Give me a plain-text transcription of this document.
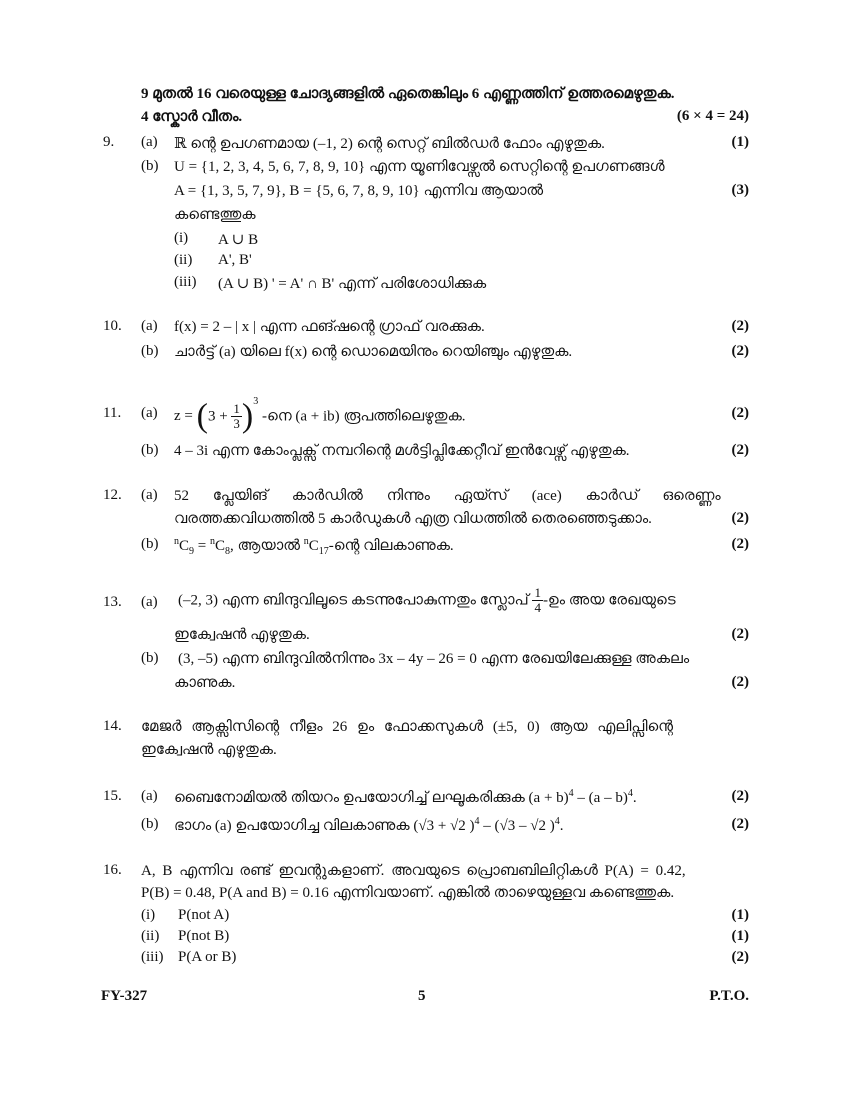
9 മുതൽ 16 വരെയുള്ള ചോദ്യങ്ങളിൽ ഏതെങ്കിലും 6 എണ്ണത്തിന് ഉത്തരമെഴുതുക.
4 സ്കോർ വീതം.	(6 × 4 = 24)
9. (a) ℝ ന്റെ ഉപഗണമായ (–1, 2) ന്റെ സെറ്റ് ബിൽഡർ ഫോം എഴുതുക.	(1)
(b) U = {1, 2, 3, 4, 5, 6, 7, 8, 9, 10} എന്ന യൂണിവേഴ്സൽ സെറ്റിന്റെ ഉപഗണങ്ങൾ
A = {1, 3, 5, 7, 9}, B = {5, 6, 7, 8, 9, 10} എന്നിവ ആയാൽ	(3)
കണ്ടെത്തുക
(i) A ∪ B
(ii) A', B'
(iii) (A ∪ B) ' = A' ∩ B' എന്ന് പരിശോധിക്കുക
10. (a) f(x) = 2 – | x | എന്ന ഫങ്ഷന്റെ ഗ്രാഫ് വരക്കുക.	(2)
(b) ചാർട്ട് (a) യിലെ f(x) ന്റെ ഡൊമെയിനും റെയിഞ്ചും എഴുതുക.	(2)
11. (a) $z = (3 + \frac{1}{3} )^3$ -നെ (a + ib) രൂപത്തിലെഴുതുക.	(2)
(b) 4 – 3i എന്ന കോംപ്ലക്സ് നമ്പറിന്റെ മൾട്ടിപ്ലിക്കേറ്റീവ് ഇൻവേഴ്സ് എഴുതുക.	(2)
12. (a) 52 പ്ലേയിങ് കാർഡിൽ നിന്നും ഏയ്സ് (ace) കാർഡ് ഒരെണ്ണം
വരത്തക്കവിധത്തിൽ 5 കാർഡുകൾ എത്ര വിധത്തിൽ തെരഞ്ഞെടുക്കാം.	(2)
(b) $^nC_9 = ^nC_8$, ആയാൽ $^nC_{17}-ന്റെ$ വിലകാണുക.	(2)
13. (a) (–2, 3) എന്ന ബിന്ദുവിലൂടെ കടന്നുപോകുന്നതും സ്ലോപ് $\frac{1}{4}$ -ഉം അയ രേഖയുടെ
ഇക്വേഷൻ എഴുതുക.	(2)
(b) (3, –5) എന്ന ബിന്ദുവിൽനിന്നും 3x – 4y – 26 = 0 എന്ന രേഖയിലേക്കുള്ള അകലം
കാണുക.	(2)
14. മേജർ ആക്സിസിന്റെ നീളം 26 ഉം ഫോക്കസുകൾ (±5, 0) ആയ എലിപ്സിന്റെ
ഇക്വേഷൻ എഴുതുക.
15. (a) ബൈനോമിയൽ തിയറം ഉപയോഗിച്ച് ലഘൂകരിക്കുക $(a + b)^4 - (a - b)^4$.	(2)
(b) ഭാഗം (a) ഉപയോഗിച്ച വിലകാണുക (√3 + √2 )$^4$ – (√3 – √2 )$^4$.	(2)
16. A, B എന്നിവ രണ്ട് ഇവന്റുകളാണ്. അവയുടെ പ്രൊബബിലിറ്റികൾ P(A) = 0.42,
P(B) = 0.48, P(A and B) = 0.16 എന്നിവയാണ്. എങ്കിൽ താഴെയുള്ളവ കണ്ടെത്തുക.
(i) P(not A)	(1)
(ii) P(not B)	(1)
(iii) P(A or B)	(2)
FY-327	5	P.T.O.
